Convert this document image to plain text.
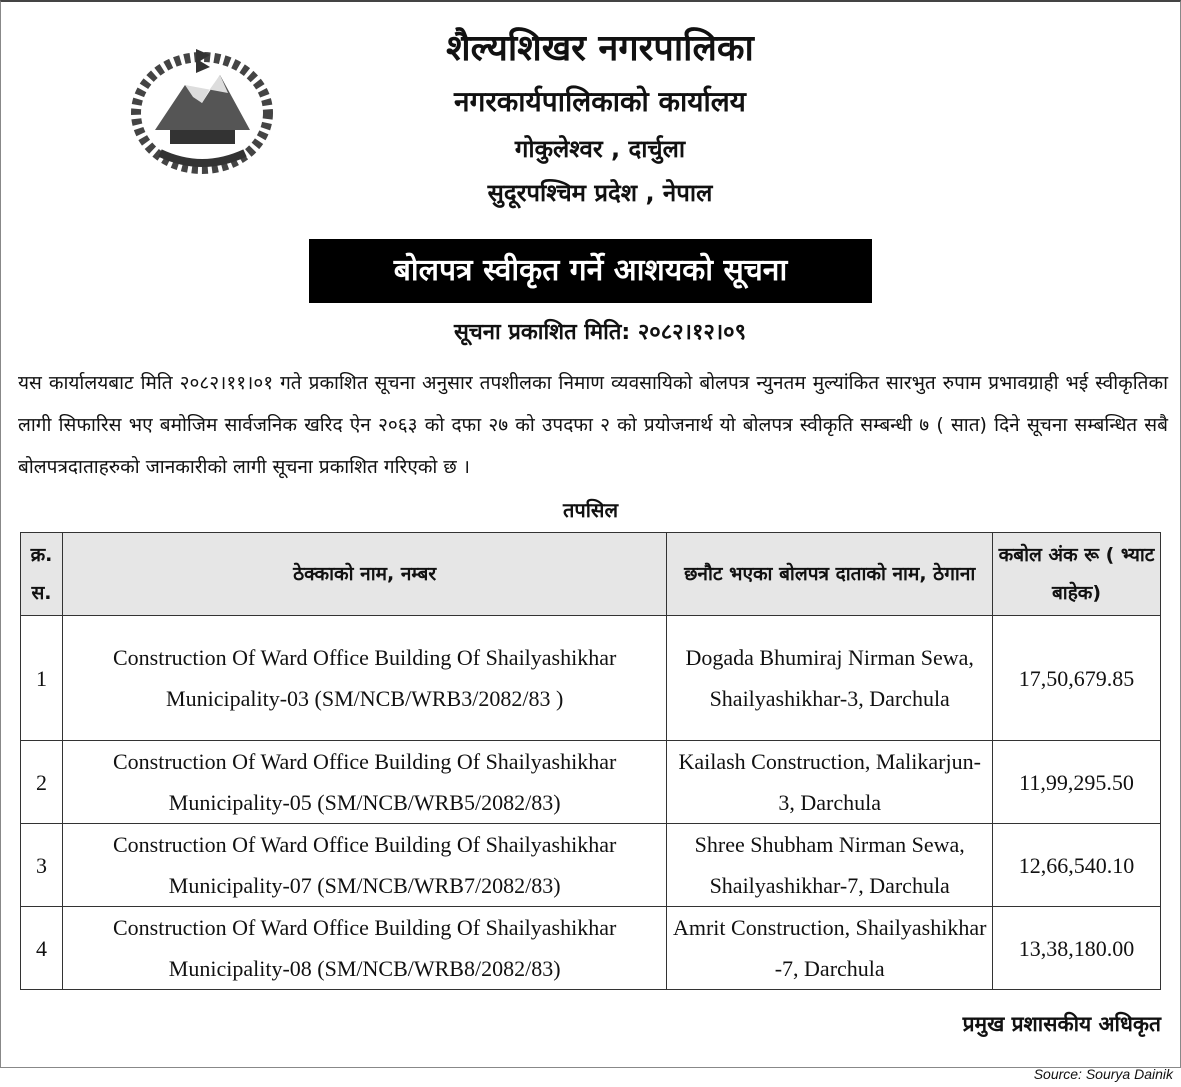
शैल्यशिखर नगरपालिका
नगरकार्यपालिकाको कार्यालय
गोकुलेश्वर , दार्चुला
सुदूरपश्चिम प्रदेश , नेपाल
बोलपत्र स्वीकृत गर्ने आशयको सूचना
सूचना प्रकाशित मिति: २०८२।१२।०९
यस कार्यालयबाट मिति २०८२।११।०१ गते प्रकाशित सूचना अनुसार तपशीलका निमाण व्यवसायिको बोलपत्र न्युनतम मुल्यांकित सारभुत रुपाम प्रभावग्राही भई स्वीकृतिका लागी सिफारिस भए बमोजिम सार्वजनिक खरिद ऐन २०६३ को दफा २७ को उपदफा २ को प्रयोजनार्थ यो बोलपत्र स्वीकृति सम्बन्धी ७ ( सात) दिने सूचना सम्बन्धित सबै बोलपत्रदाताहरुको जानकारीको लागी सूचना प्रकाशित गरिएको छ ।
तपसिल
क्र. स.	ठेक्काको नाम, नम्बर	छनौट भएका बोलपत्र दाताको नाम, ठेगाना	कबोल अंक रू ( भ्याट बाहेक)
1	Construction Of Ward Office Building Of Shailyashikhar Municipality-03 (SM/NCB/WRB3/2082/83 )	Dogada Bhumiraj Nirman Sewa, Shailyashikhar-3, Darchula	17,50,679.85
2	Construction Of Ward Office Building Of Shailyashikhar Municipality-05 (SM/NCB/WRB5/2082/83)	Kailash Construction, Malikarjun-3, Darchula	11,99,295.50
3	Construction Of Ward Office Building Of Shailyashikhar Municipality-07 (SM/NCB/WRB7/2082/83)	Shree Shubham Nirman Sewa, Shailyashikhar-7, Darchula	12,66,540.10
4	Construction Of Ward Office Building Of Shailyashikhar Municipality-08 (SM/NCB/WRB8/2082/83)	Amrit Construction, Shailyashikhar -7, Darchula	13,38,180.00
प्रमुख प्रशासकीय अधिकृत
Source: Sourya Dainik
